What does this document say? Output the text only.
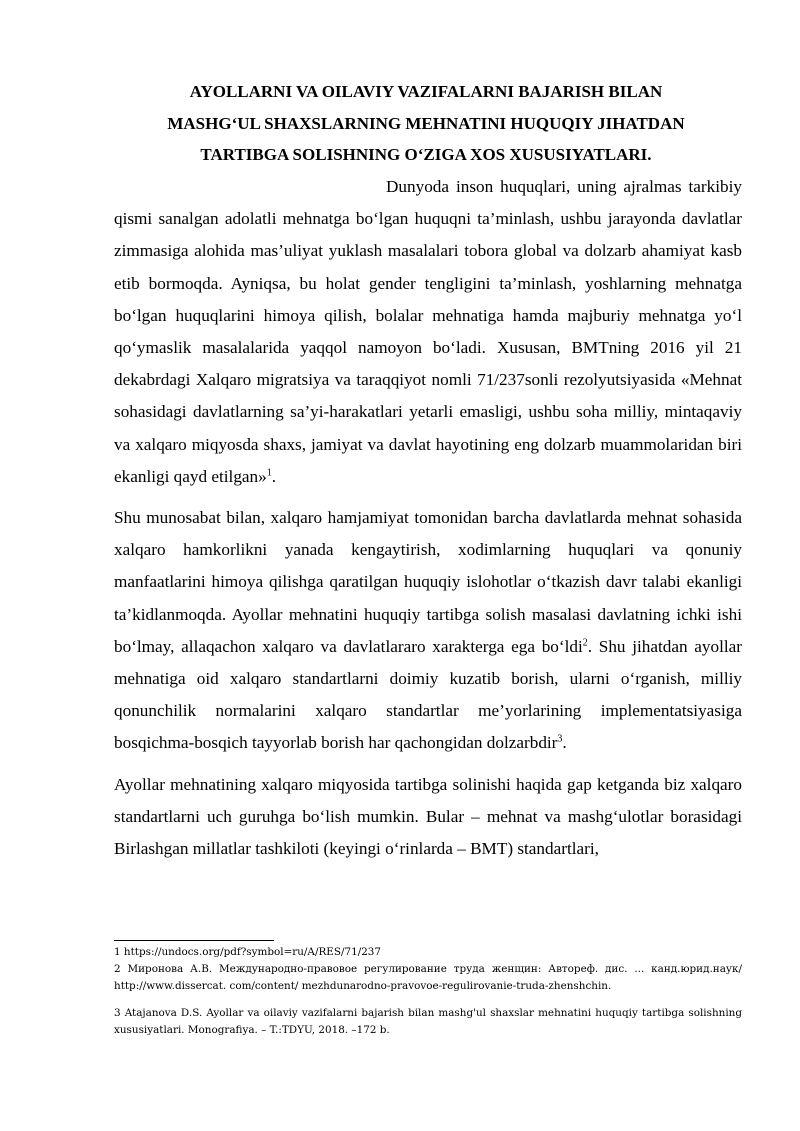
AYOLLARNI VA OILAVIY VAZIFALARNI BAJARISH BILAN
MASHG‘UL SHAXSLARNING MEHNATINI HUQUQIY JIHATDAN
TARTIBGA SOLISHNING O‘ZIGA XOS XUSUSIYATLARI.

Dunyoda inson huquqlari, uning ajralmas tarkibiy qismi sanalgan adolatli mehnatga bo‘lgan huquqni ta’minlash, ushbu jarayonda davlatlar zimmasiga alohida mas’uliyat yuklash masalalari tobora global va dolzarb ahamiyat kasb etib bormoqda. Ayniqsa, bu holat gender tengligini ta’minlash, yoshlarning mehnatga bo‘lgan huquqlarini himoya qilish, bolalar mehnatiga hamda majburiy mehnatga yo‘l qo‘ymaslik masalalarida yaqqol namoyon bo‘ladi. Xususan, BMTning 2016 yil 21 dekabrdagi Xalqaro migratsiya va taraqqiyot nomli 71/237sonli rezolyutsiyasida «Mehnat sohasidagi davlatlarning sa’yi-harakatlari yetarli emasligi, ushbu soha milliy, mintaqaviy va xalqaro miqyosda shaxs, jamiyat va davlat hayotining eng dolzarb muammolaridan biri ekanligi qayd etilgan»$^1$.

Shu munosabat bilan, xalqaro hamjamiyat tomonidan barcha davlatlarda mehnat sohasida xalqaro hamkorlikni yanada kengaytirish, xodimlarning huquqlari va qonuniy manfaatlarini himoya qilishga qaratilgan huquqiy islohotlar o‘tkazish davr talabi ekanligi ta’kidlanmoqda. Ayollar mehnatini huquqiy tartibga solish masalasi davlatning ichki ishi bo‘lmay, allaqachon xalqaro va davlatlararo xarakterga ega bo‘ldi$^2$. Shu jihatdan ayollar mehnatiga oid xalqaro standartlarni doimiy kuzatib borish, ularni o‘rganish, milliy qonunchilik normalarini xalqaro standartlar me’yorlarining implementatsiyasiga bosqichma-bosqich tayyorlab borish har qachongidan dolzarbdir$^3$.

Ayollar mehnatining xalqaro miqyosida tartibga solinishi haqida gap ketganda biz xalqaro standartlarni uch guruhga bo‘lish mumkin. Bular – mehnat va mashg‘ulotlar borasidagi Birlashgan millatlar tashkiloti (keyingi o‘rinlarda – BMT) standartlari,

1 https://undocs.org/pdf?symbol=ru/A/RES/71/237

2 Миронова А.В. Международно-правовое регулирование труда женщин: Автореф. дис. ... канд.юрид.наук/ http://www.dissercat. com/content/ mezhdunarodno-pravovoe-regulirovanie-truda-zhenshchin.

3 Atajanova D.S. Ayollar va oilaviy vazifalarni bajarish bilan mashg'ul shaxslar mehnatini huquqiy tartibga solishning xususiyatlari. Monografiya. – T.:TDYU, 2018. –172 b.
